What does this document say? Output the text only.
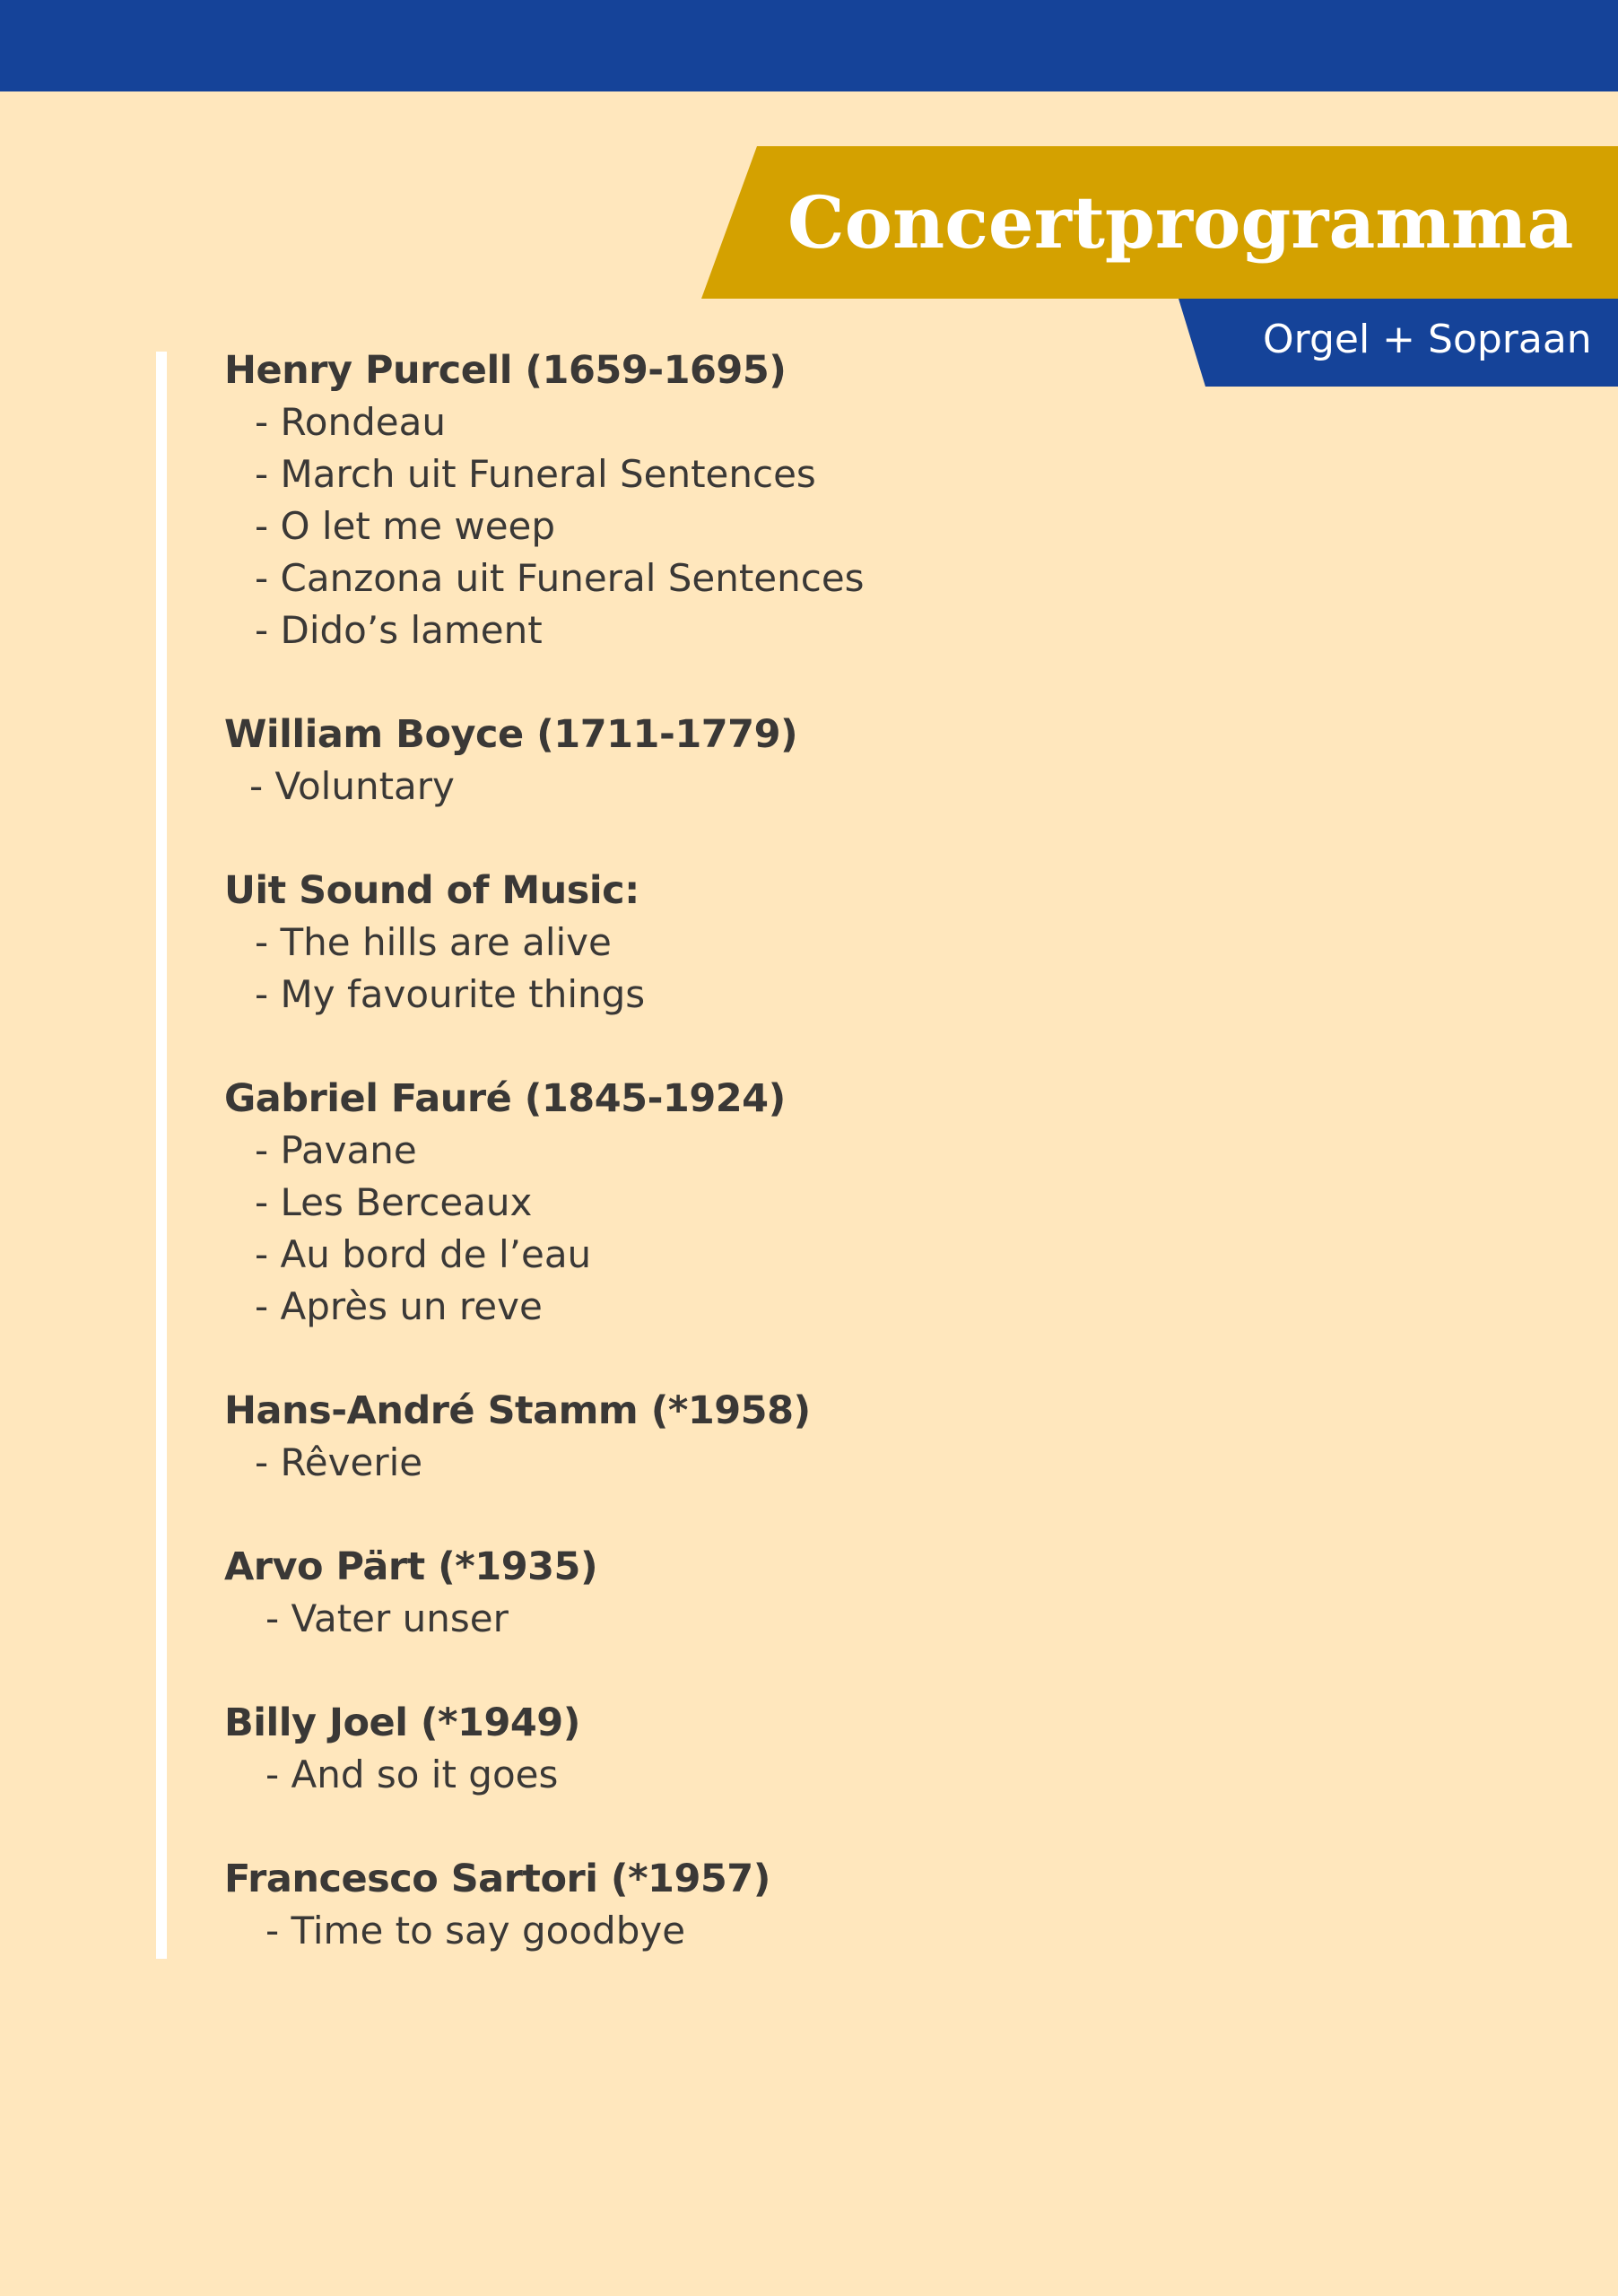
Concertprogramma

Orgel + Sopraan

Henry Purcell (1659-1695)
- Rondeau
- March uit Funeral Sentences
- O let me weep
- Canzona uit Funeral Sentences
- Dido’s lament
William Boyce (1711-1779)
- Voluntary
Uit Sound of Music:
- The hills are alive
- My favourite things
Gabriel Fauré (1845-1924)
- Pavane
- Les Berceaux
- Au bord de l’eau
- Après un reve
Hans-André Stamm (*1958)
- Rêverie
Arvo Pärt (*1935)
- Vater unser
Billy Joel (*1949)
- And so it goes
Francesco Sartori (*1957)
- Time to say goodbye
